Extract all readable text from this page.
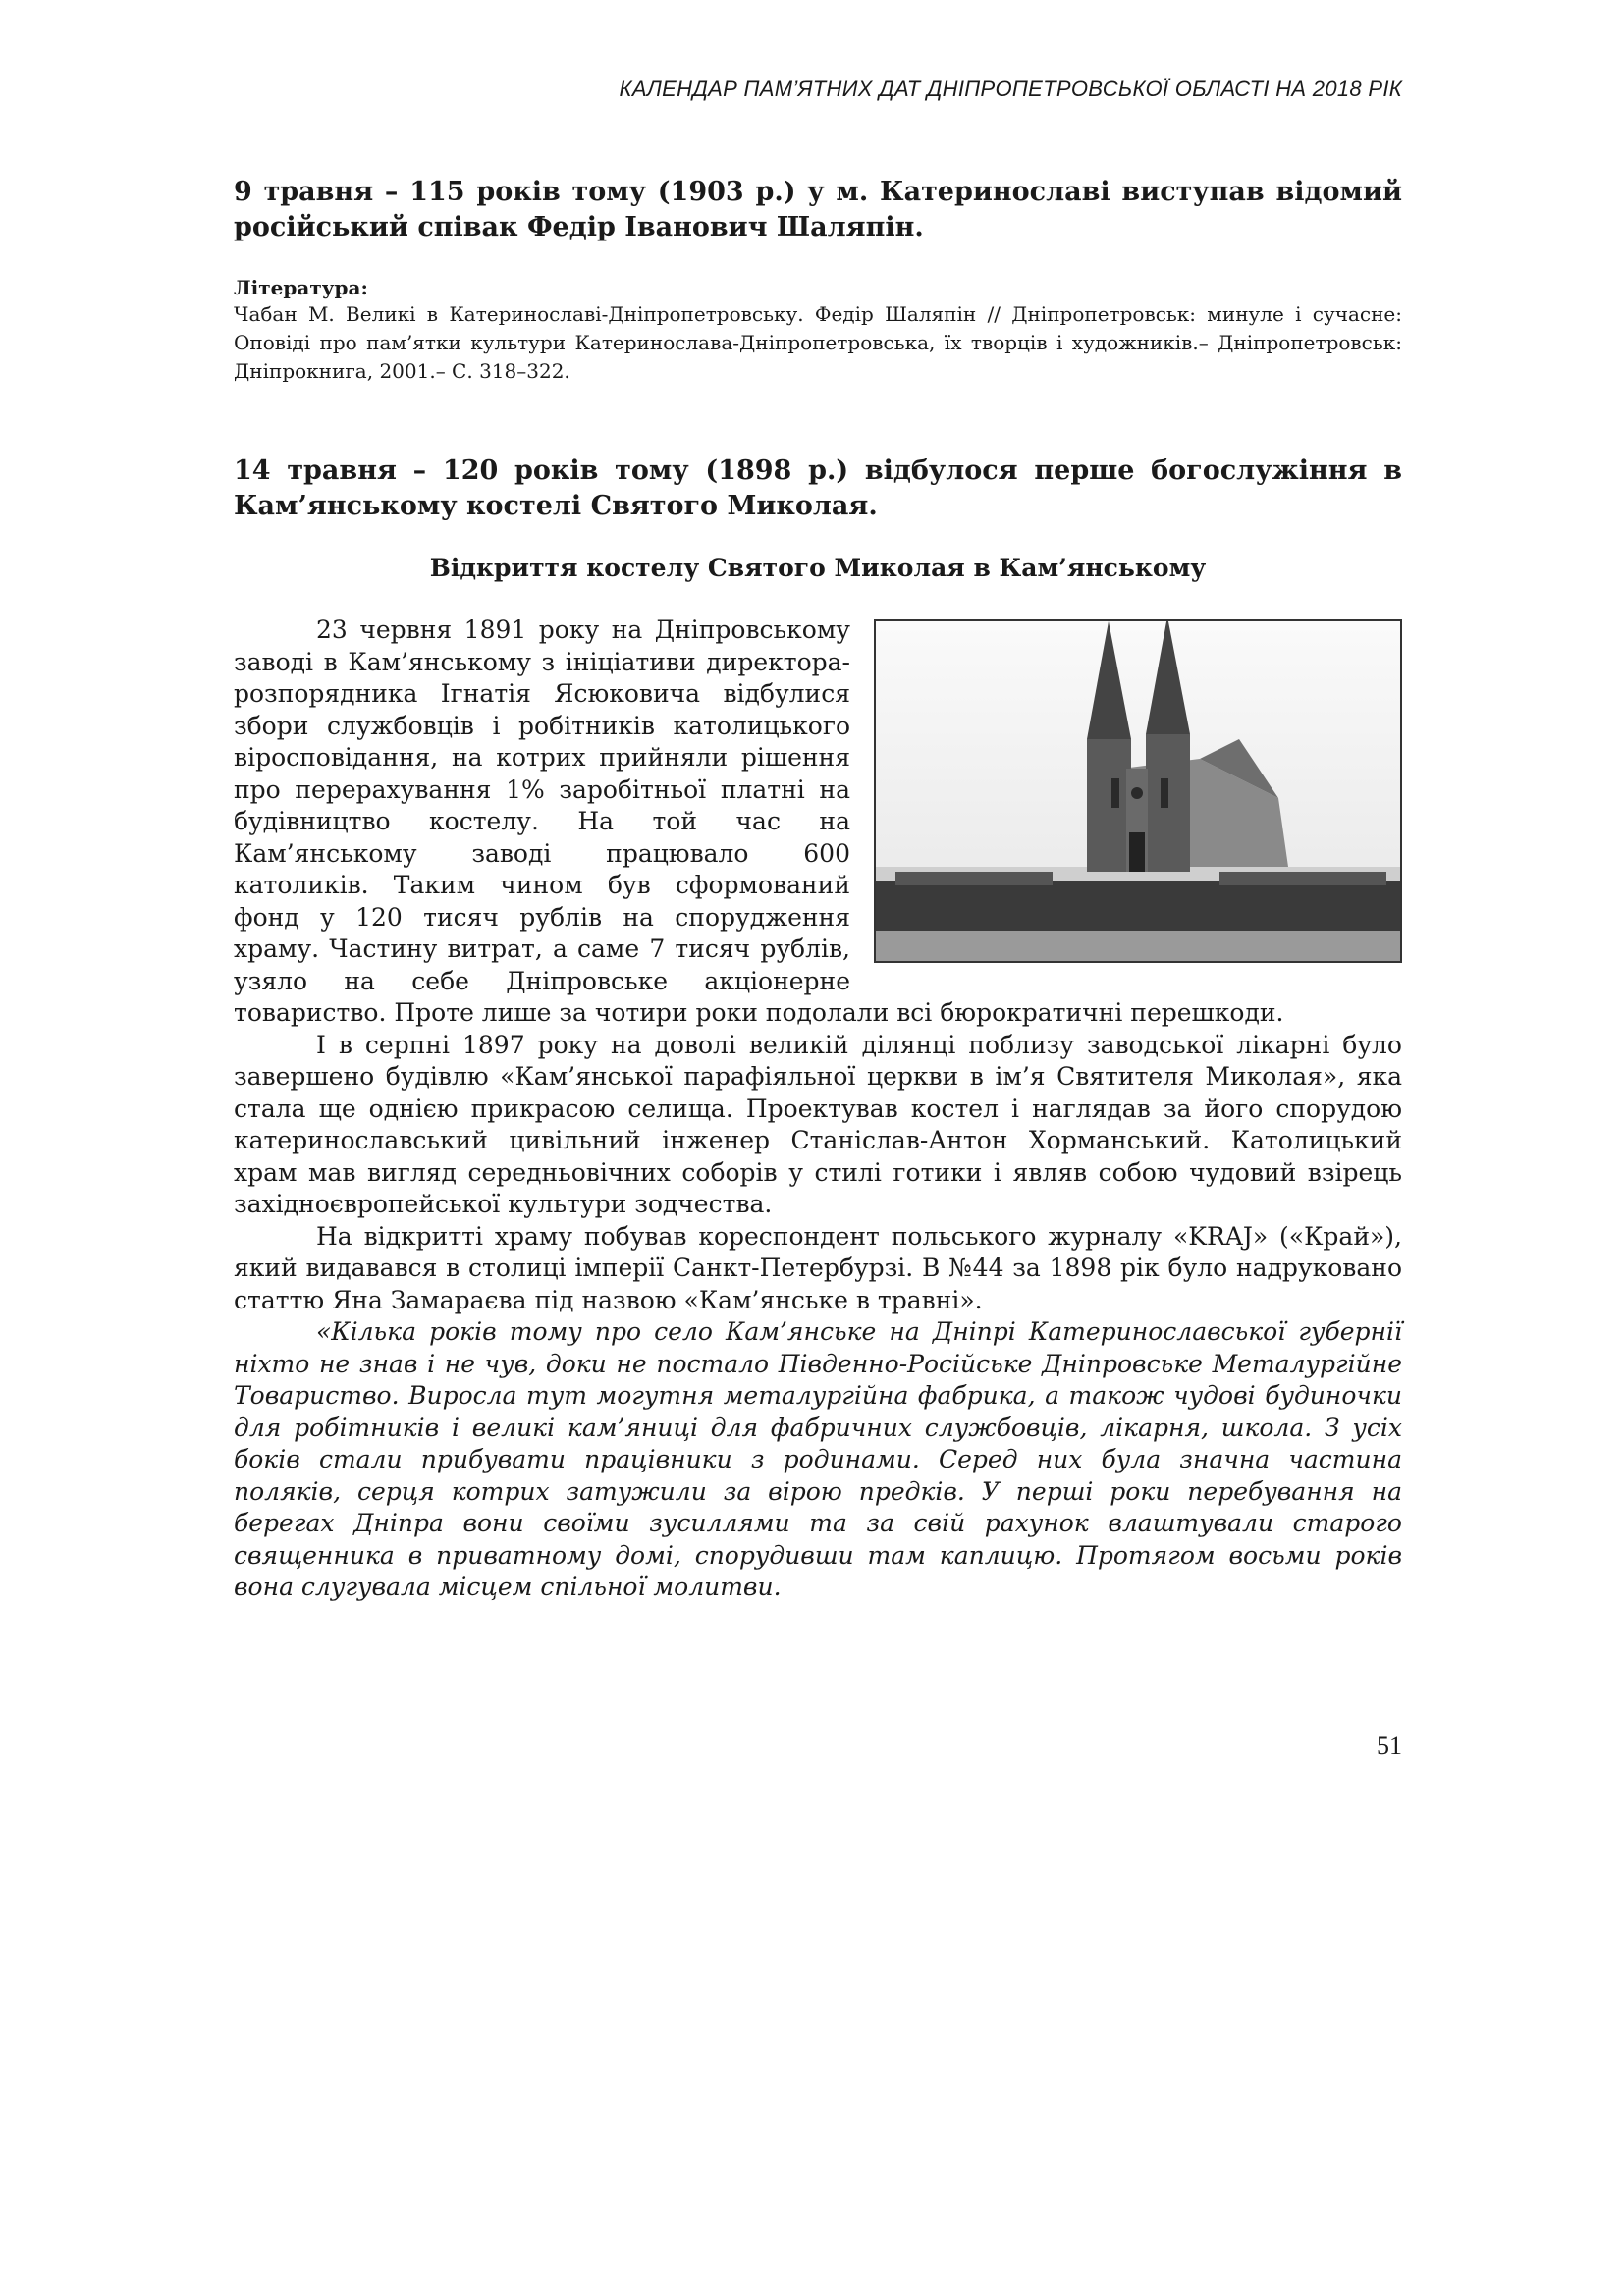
КАЛЕНДАР ПАМ’ЯТНИХ ДАТ ДНІПРОПЕТРОВСЬКОЇ ОБЛАСТІ НА 2018 РІК

9 травня – 115 років тому (1903 р.) у м. Катеринославі виступав відомий російський співак Федір Іванович Шаляпін.

Література:

Чабан М. Великі в Катеринославі-Дніпропетровську. Федір Шаляпін // Дніпропетровськ: минуле і сучасне: Оповіді про пам’ятки культури Катеринослава-Дніпропетровська, їх творців і художників.– Дніпропетровськ: Дніпрокнига, 2001.– С. 318–322.

14 травня – 120 років тому (1898 р.) відбулося перше богослужіння в Кам’янському костелі Святого Миколая.

Відкриття костелу Святого Миколая в Кам’янському

23 червня 1891 року на Дніпровському заводі в Кам’янському з ініціативи директора-розпорядника Ігнатія Ясюковича відбулися збори службовців і робітників католицького віросповідання, на котрих прийняли рішення про перерахування 1% заробітньої платні на будівництво костелу. На той час на Кам’янському заводі працювало 600 католиків. Таким чином був сформований фонд у 120 тисяч рублів на спорудження храму. Частину витрат, а саме 7 тисяч рублів, узяло на себе Дніпровське акціонерне товариство. Проте лише за чотири роки подолали всі бюрократичні перешкоди.

І в серпні 1897 року на доволі великій ділянці поблизу заводської лікарні було завершено будівлю «Кам’янської парафіяльної церкви в ім’я Святителя Миколая», яка стала ще однією прикрасою селища. Проектував костел і наглядав за його спорудою катеринославський цивільний інженер Станіслав-Антон Хорманський. Католицький храм мав вигляд середньовічних соборів у стилі готики і являв собою чудовий взірець західноєвропейської культури зодчества.

На відкритті храму побував кореспондент польського журналу «KRAJ» («Край»), який видавався в столиці імперії Санкт-Петербурзі. В №44 за 1898 рік було надруковано статтю Яна Замараєва під назвою «Кам’янське в травні».

«Кілька років тому про село Кам’янське на Дніпрі Катеринославської губернії ніхто не знав і не чув, доки не постало Південно-Російське Дніпровське Металургійне Товариство. Виросла тут могутня металургійна фабрика, а також чудові будиночки для робітників і великі кам’яниці для фабричних службовців, лікарня, школа. З усіх боків стали прибувати працівники з родинами. Серед них була значна частина поляків, серця котрих затужили за вірою предків. У перші роки перебування на берегах Дніпра вони своїми зусиллями та за свій рахунок влаштували старого священника в приватному домі, спорудивши там каплицю. Протягом восьми років вона слугувала місцем спільної молитви.

51
